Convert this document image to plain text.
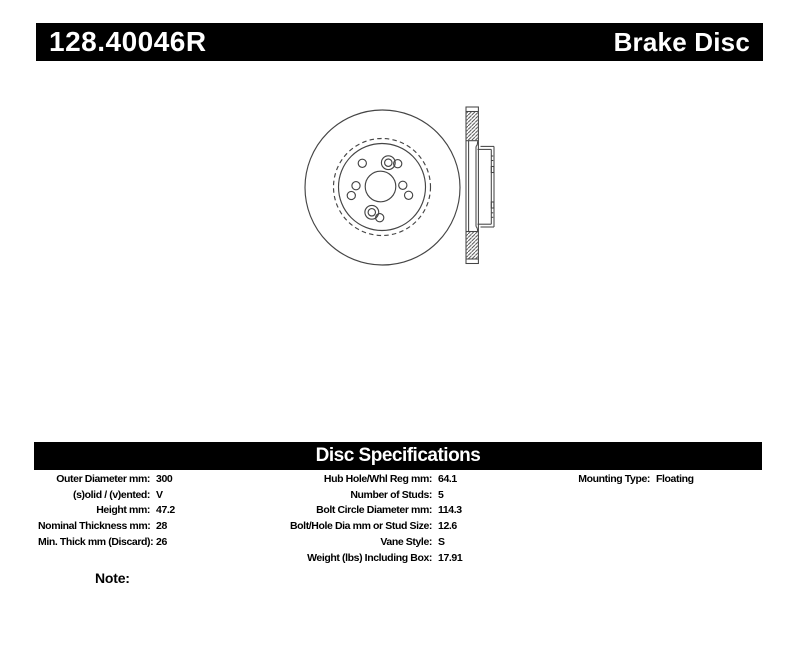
128.40046R	Brake Disc
Disc Specifications
Outer Diameter mm: 300
(s)olid / (v)ented: V
Height mm: 47.2
Nominal Thickness mm: 28
Min. Thick mm (Discard): 26
Hub Hole/Whl Reg mm: 64.1
Number of Studs: 5
Bolt Circle Diameter mm: 114.3
Bolt/Hole Dia mm or Stud Size: 12.6
Vane Style: S
Weight (lbs) Including Box: 17.91
Mounting Type: Floating
Note:
